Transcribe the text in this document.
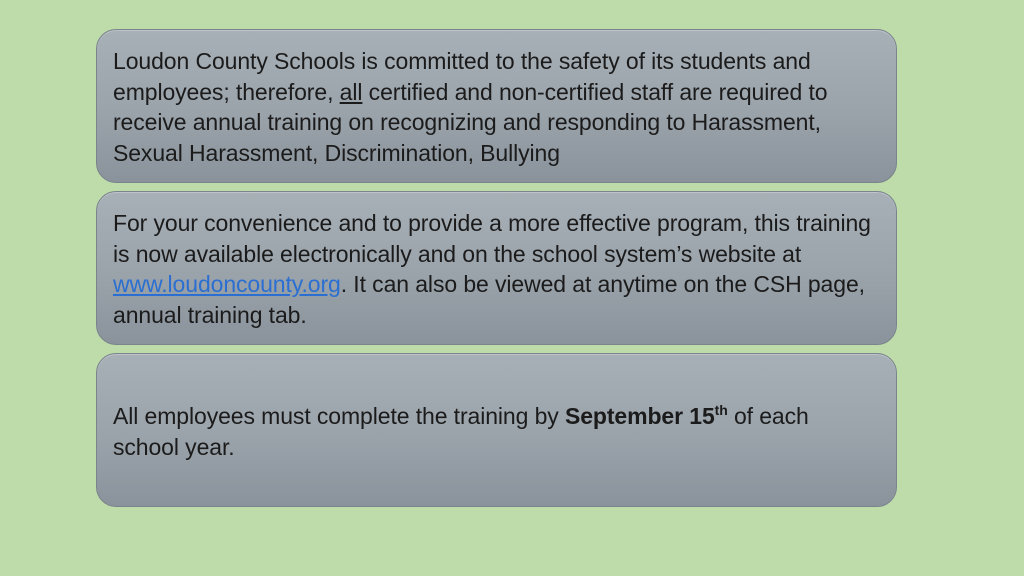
Loudon County Schools is committed to the safety of its students and employees; therefore, all certified and non-certified staff are required to receive annual training on recognizing and responding to Harassment, Sexual Harassment, Discrimination, Bullying
For your convenience and to provide a more effective program, this training is now available electronically and on the school system’s website at www.loudoncounty.org. It can also be viewed at anytime on the CSH page, annual training tab.
All employees must complete the training by September 15th of each school year.
